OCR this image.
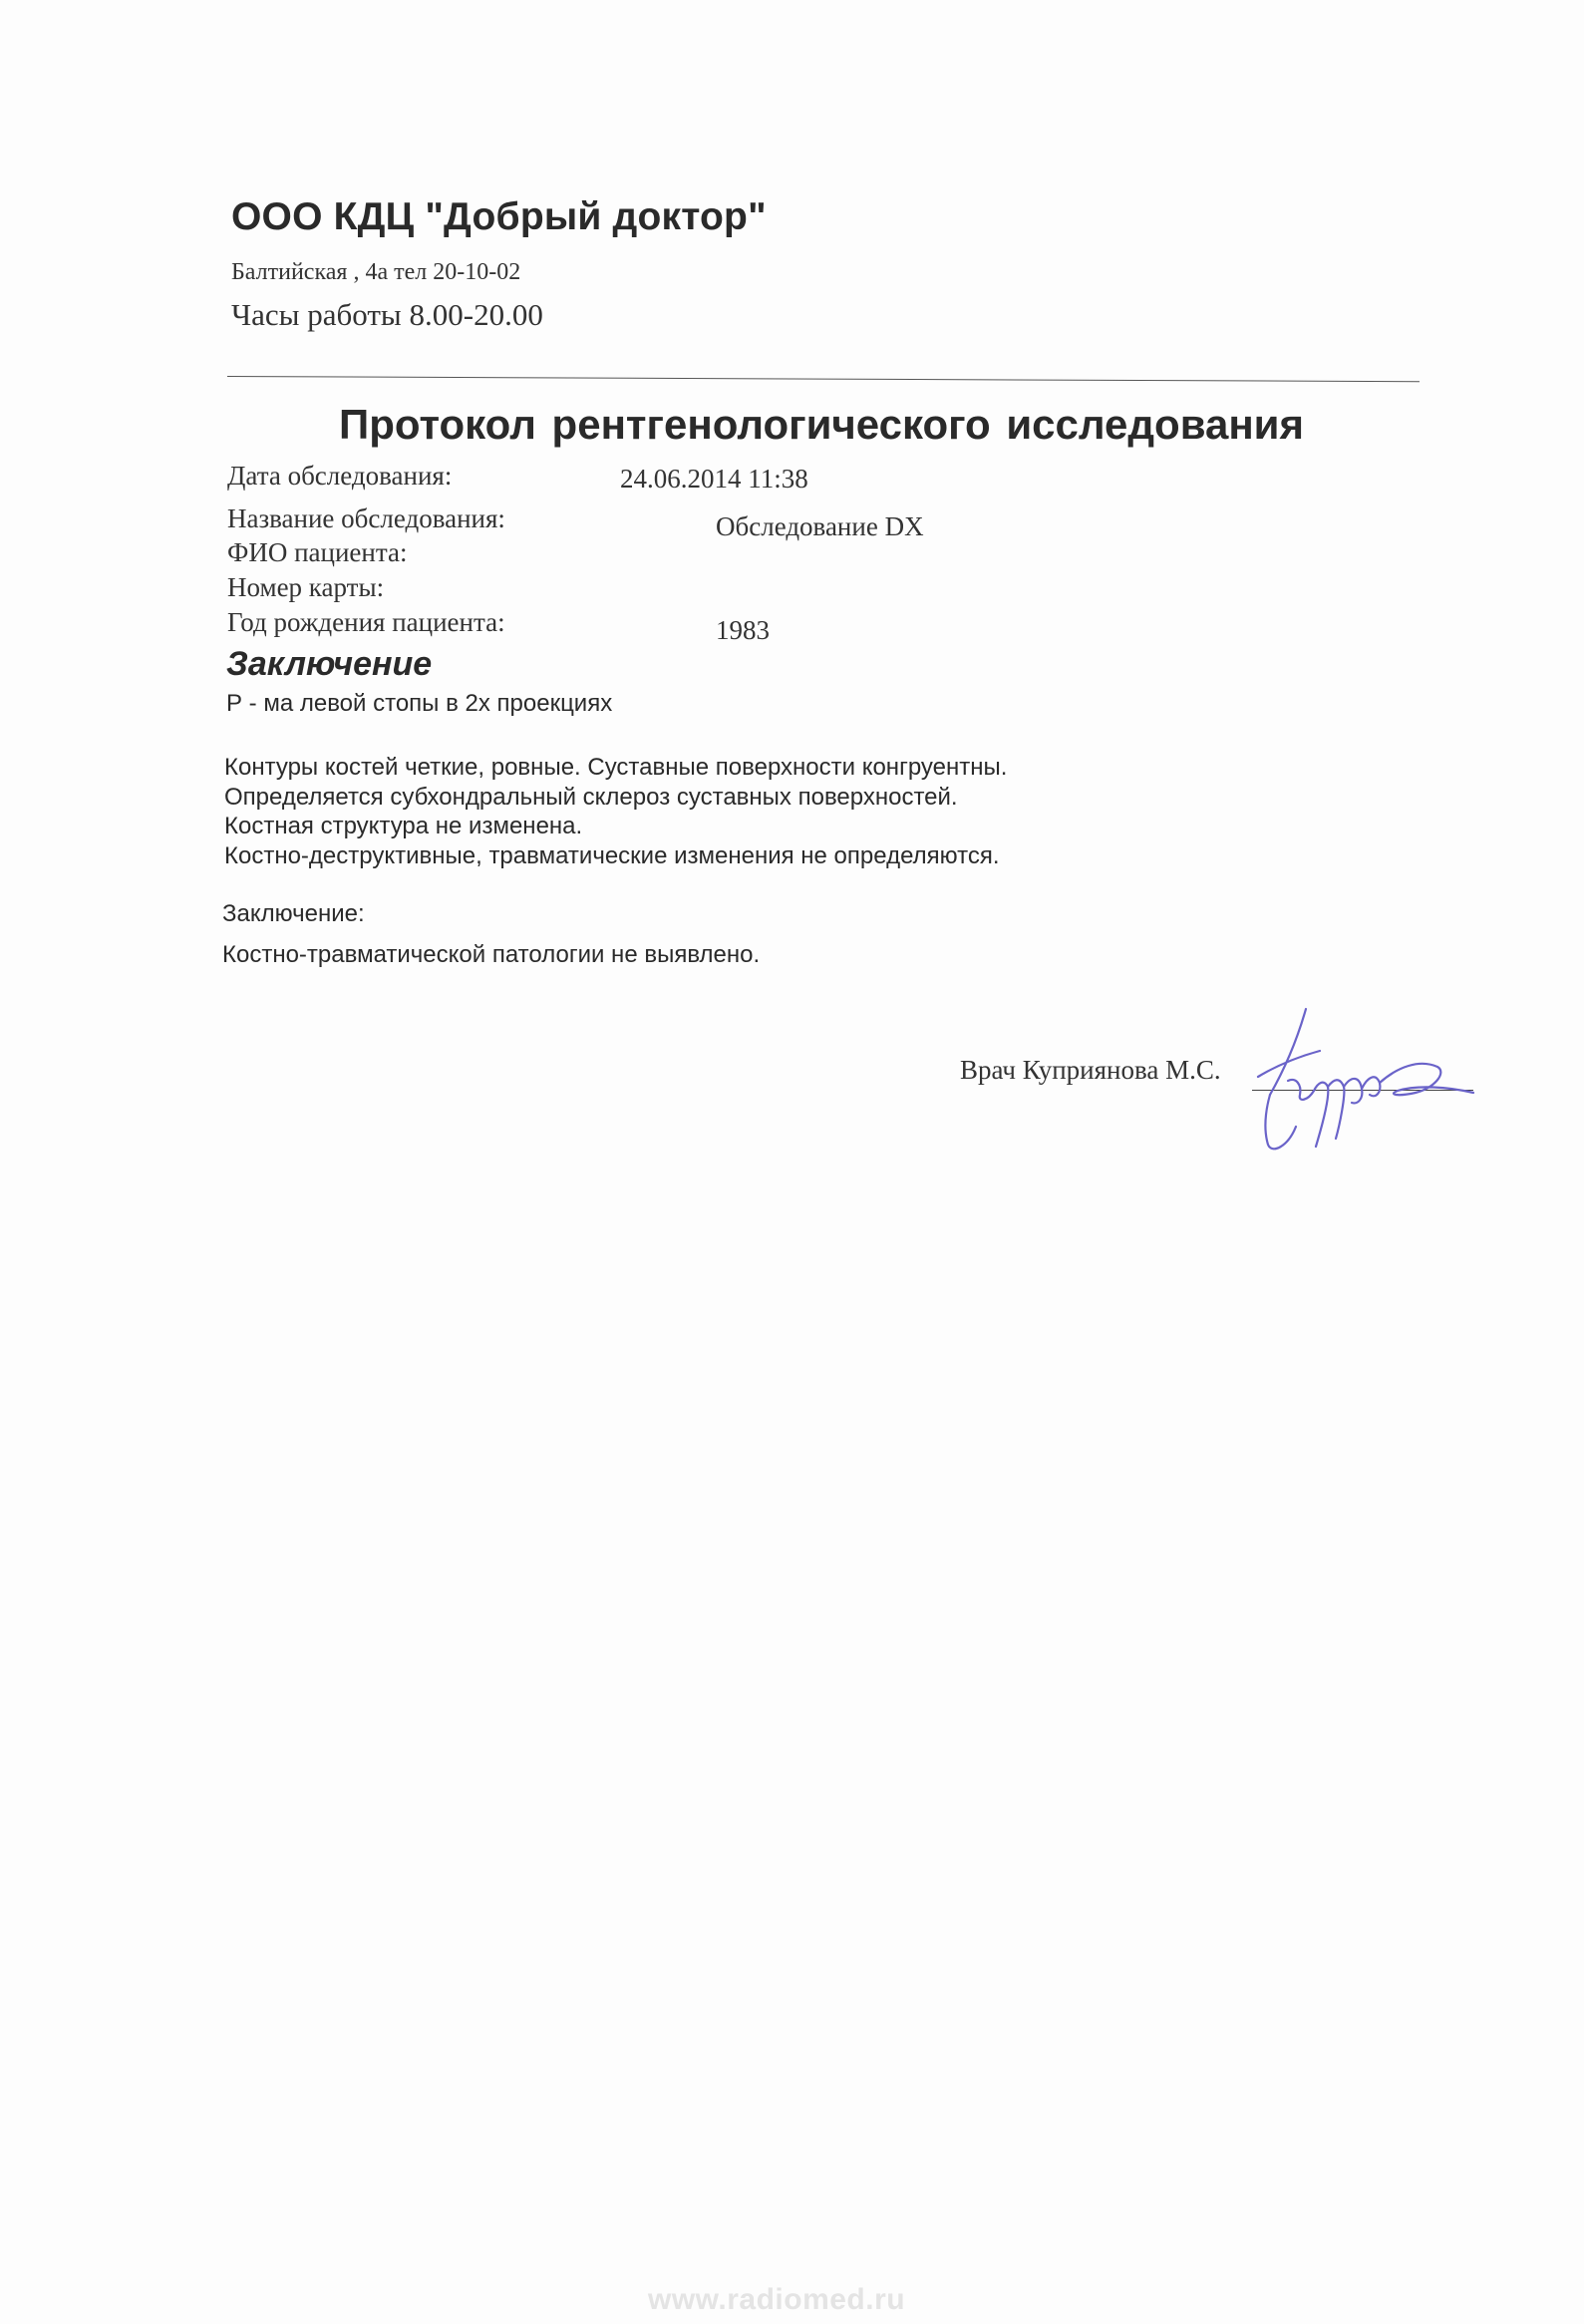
ООО КДЦ "Добрый доктор"
Балтийская , 4а тел 20-10-02
Часы работы 8.00-20.00
Протокол рентгенологического исследования
Дата обследования:	24.06.2014 11:38
Название обследования:	Обследование DX
ФИО пациента:
Номер карты:
Год рождения пациента:	1983
Заключение
Р - ма левой стопы в 2х проекциях
Контуры костей четкие, ровные. Суставные поверхности конгруентны.
Определяется субхондральный склероз суставных поверхностей.
Костная структура не изменена.
Костно-деструктивные, травматические изменения не определяются.
Заключение:
Костно-травматической патологии не выявлено.
Врач Куприянова М.С.
www.radiomed.ru
